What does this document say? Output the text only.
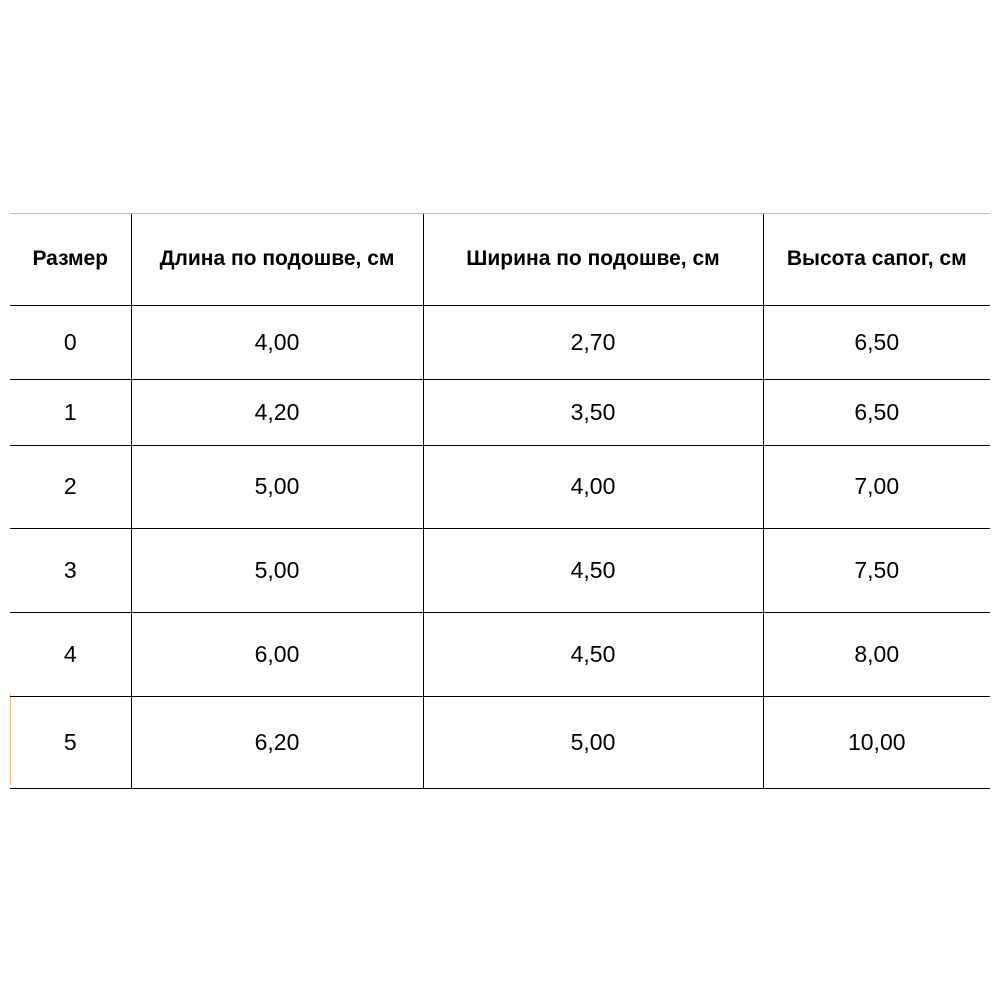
Размер	Длина по подошве, см	Ширина по подошве, см	Высота сапог, см
0	4,00	2,70	6,50
1	4,20	3,50	6,50
2	5,00	4,00	7,00
3	5,00	4,50	7,50
4	6,00	4,50	8,00
5	6,20	5,00	10,00
